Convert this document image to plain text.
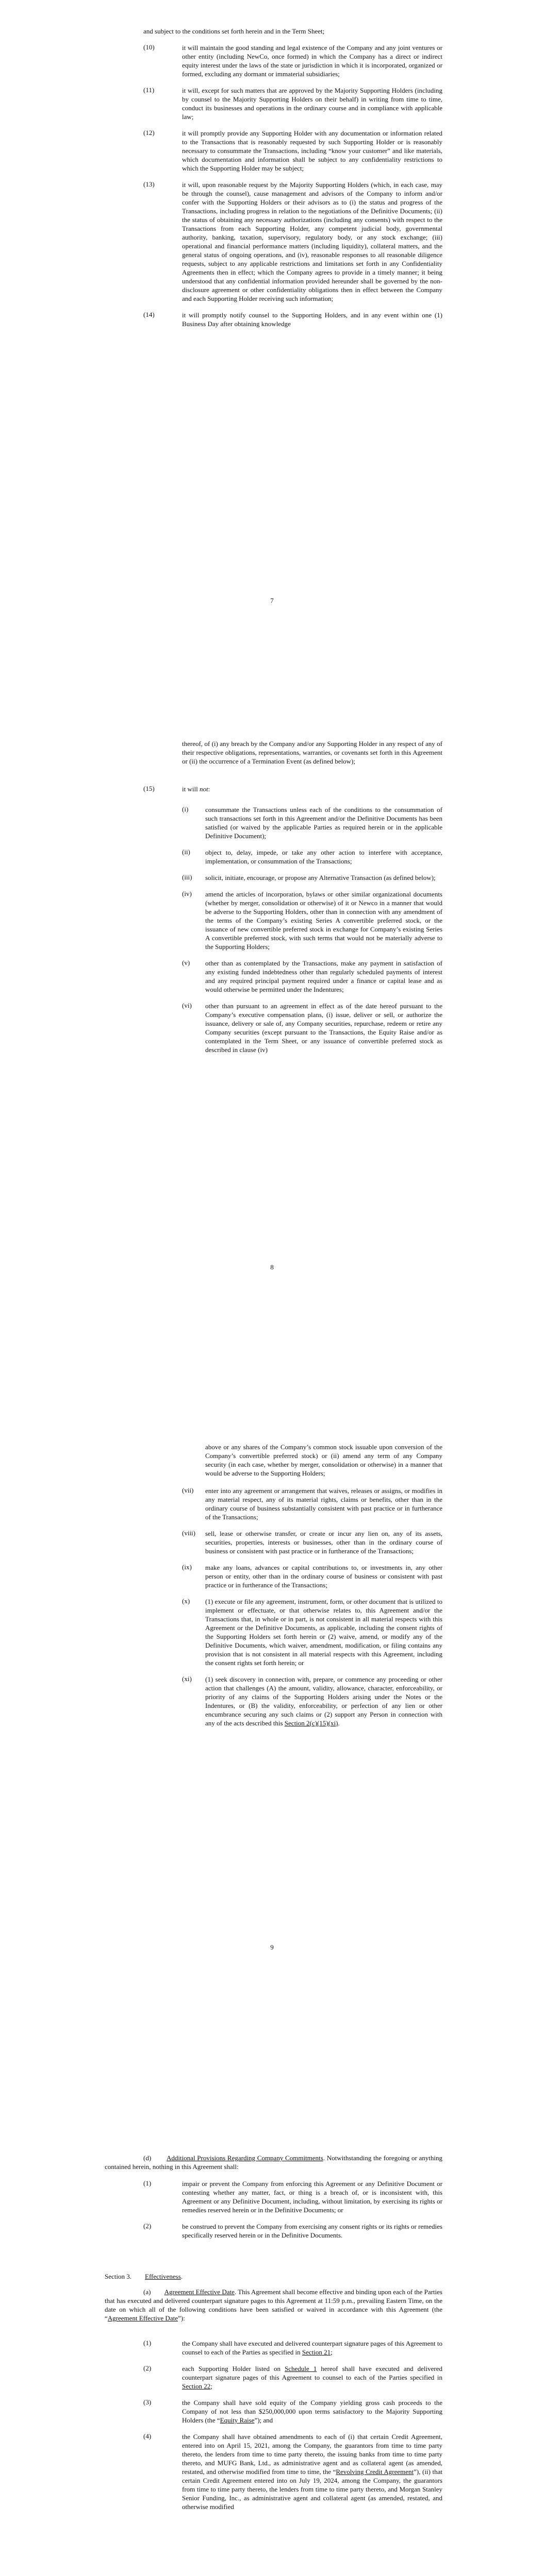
and subject to the conditions set forth herein and in the Term Sheet;

(10)	it will maintain the good standing and legal existence of the Company and any joint ventures or other entity (including NewCo, once formed) in which the Company has a direct or indirect equity interest under the laws of the state or jurisdiction in which it is incorporated, organized or formed, excluding any dormant or immaterial subsidiaries;

(11)	it will, except for such matters that are approved by the Majority Supporting Holders (including by counsel to the Majority Supporting Holders on their behalf) in writing from time to time, conduct its businesses and operations in the ordinary course and in compliance with applicable law;

(12)	it will promptly provide any Supporting Holder with any documentation or information related to the Transactions that is reasonably requested by such Supporting Holder or is reasonably necessary to consummate the Transactions, including “know your customer” and like materials, which documentation and information shall be subject to any confidentiality restrictions to which the Supporting Holder may be subject;

(13)	it will, upon reasonable request by the Majority Supporting Holders (which, in each case, may be through the counsel), cause management and advisors of the Company to inform and/or confer with the Supporting Holders or their advisors as to (i) the status and progress of the Transactions, including progress in relation to the negotiations of the Definitive Documents; (ii) the status of obtaining any necessary authorizations (including any consents) with respect to the Transactions from each Supporting Holder, any competent judicial body, governmental authority, banking, taxation, supervisory, regulatory body, or any stock exchange; (iii) operational and financial performance matters (including liquidity), collateral matters, and the general status of ongoing operations, and (iv), reasonable responses to all reasonable diligence requests, subject to any applicable restrictions and limitations set forth in any Confidentiality Agreements then in effect; which the Company agrees to provide in a timely manner; it being understood that any confidential information provided hereunder shall be governed by the non-disclosure agreement or other confidentiality obligations then in effect between the Company and each Supporting Holder receiving such information;

(14)	it will promptly notify counsel to the Supporting Holders, and in any event within one (1) Business Day after obtaining knowledge

7

thereof, of (i) any breach by the Company and/or any Supporting Holder in any respect of any of their respective obligations, representations, warranties, or covenants set forth in this Agreement or (ii) the occurrence of a Termination Event (as defined below);

(15)	it will not:

(i)	consummate the Transactions unless each of the conditions to the consummation of such transactions set forth in this Agreement and/or the Definitive Documents has been satisfied (or waived by the applicable Parties as required herein or in the applicable Definitive Document);

(ii) object to, delay, impede, or take any other action to interfere with acceptance, implementation, or consummation of the Transactions;

(iii) solicit, initiate, encourage, or propose any Alternative Transaction (as defined below);

(iv) amend the articles of incorporation, bylaws or other similar organizational documents (whether by merger, consolidation or otherwise) of it or Newco in a manner that would be adverse to the Supporting Holders, other than in connection with any amendment of the terms of the Company’s existing Series A convertible preferred stock, or the issuance of new convertible preferred stock in exchange for Company’s existing Series A convertible preferred stock, with such terms that would not be materially adverse to the Supporting Holders;

(v) other than as contemplated by the Transactions, make any payment in satisfaction of any existing funded indebtedness other than regularly scheduled payments of interest and any required principal payment required under a finance or capital lease and as would otherwise be permitted under the Indentures;

(vi) other than pursuant to an agreement in effect as of the date hereof pursuant to the Company’s executive compensation plans, (i) issue, deliver or sell, or authorize the issuance, delivery or sale of, any Company securities, repurchase, redeem or retire any Company securities (except pursuant to the Transactions, the Equity Raise and/or as contemplated in the Term Sheet, or any issuance of convertible preferred stock as described in clause (iv)

8

above or any shares of the Company’s common stock issuable upon conversion of the Company’s convertible preferred stock) or (ii) amend any term of any Company security (in each case, whether by merger, consolidation or otherwise) in a manner that would be adverse to the Supporting Holders;

(vii) enter into any agreement or arrangement that waives, releases or assigns, or modifies in any material respect, any of its material rights, claims or benefits, other than in the ordinary course of business substantially consistent with past practice or in furtherance of the Transactions;

(viii) sell, lease or otherwise transfer, or create or incur any lien on, any of its assets, securities, properties, interests or businesses, other than in the ordinary course of business or consistent with past practice or in furtherance of the Transactions;

(ix) make any loans, advances or capital contributions to, or investments in, any other person or entity, other than in the ordinary course of business or consistent with past practice or in furtherance of the Transactions;

(x) (1) execute or file any agreement, instrument, form, or other document that is utilized to implement or effectuate, or that otherwise relates to, this Agreement and/or the Transactions that, in whole or in part, is not consistent in all material respects with this Agreement or the Definitive Documents, as applicable, including the consent rights of the Supporting Holders set forth herein or (2) waive, amend, or modify any of the Definitive Documents, which waiver, amendment, modification, or filing contains any provision that is not consistent in all material respects with this Agreement, including the consent rights set forth herein; or

(xi) (1) seek discovery in connection with, prepare, or commence any proceeding or other action that challenges (A) the amount, validity, allowance, character, enforceability, or priority of any claims of the Supporting Holders arising under the Notes or the Indentures, or (B) the validity, enforceability, or perfection of any lien or other encumbrance securing any such claims or (2) support any Person in connection with any of the acts described this Section 2(c)(15)(xi).

9

(d) Additional Provisions Regarding Company Commitments. Notwithstanding the foregoing or anything contained herein, nothing in this Agreement shall:

(1)	impair or prevent the Company from enforcing this Agreement or any Definitive Document or contesting whether any matter, fact, or thing is a breach of, or is inconsistent with, this Agreement or any Definitive Document, including, without limitation, by exercising its rights or remedies reserved herein or in the Definitive Documents; or

(2)	be construed to prevent the Company from exercising any consent rights or its rights or remedies specifically reserved herein or in the Definitive Documents.

Section 3. Effectiveness.

(a) Agreement Effective Date. This Agreement shall become effective and binding upon each of the Parties that has executed and delivered counterpart signature pages to this Agreement at 11:59 p.m., prevailing Eastern Time, on the date on which all of the following conditions have been satisfied or waived in accordance with this Agreement (the “Agreement Effective Date”):

(1)	the Company shall have executed and delivered counterpart signature pages of this Agreement to counsel to each of the Parties as specified in Section 21;

(2)	each Supporting Holder listed on Schedule 1 hereof shall have executed and delivered counterpart signature pages of this Agreement to counsel to each of the Parties specified in Section 22;

(3)	the Company shall have sold equity of the Company yielding gross cash proceeds to the Company of not less than $250,000,000 upon terms satisfactory to the Majority Supporting Holders (the “Equity Raise”); and

(4)	the Company shall have obtained amendments to each of (i) that certain Credit Agreement, entered into on April 15, 2021, among the Company, the guarantors from time to time party thereto, the lenders from time to time party thereto, the issuing banks from time to time party thereto, and MUFG Bank, Ltd., as administrative agent and as collateral agent (as amended, restated, and otherwise modified from time to time, the “Revolving Credit Agreement”), (ii) that certain Credit Agreement entered into on July 19, 2024, among the Company, the guarantors from time to time party thereto, the lenders from time to time party thereto, and Morgan Stanley Senior Funding, Inc., as administrative agent and collateral agent (as amended, restated, and otherwise modified
